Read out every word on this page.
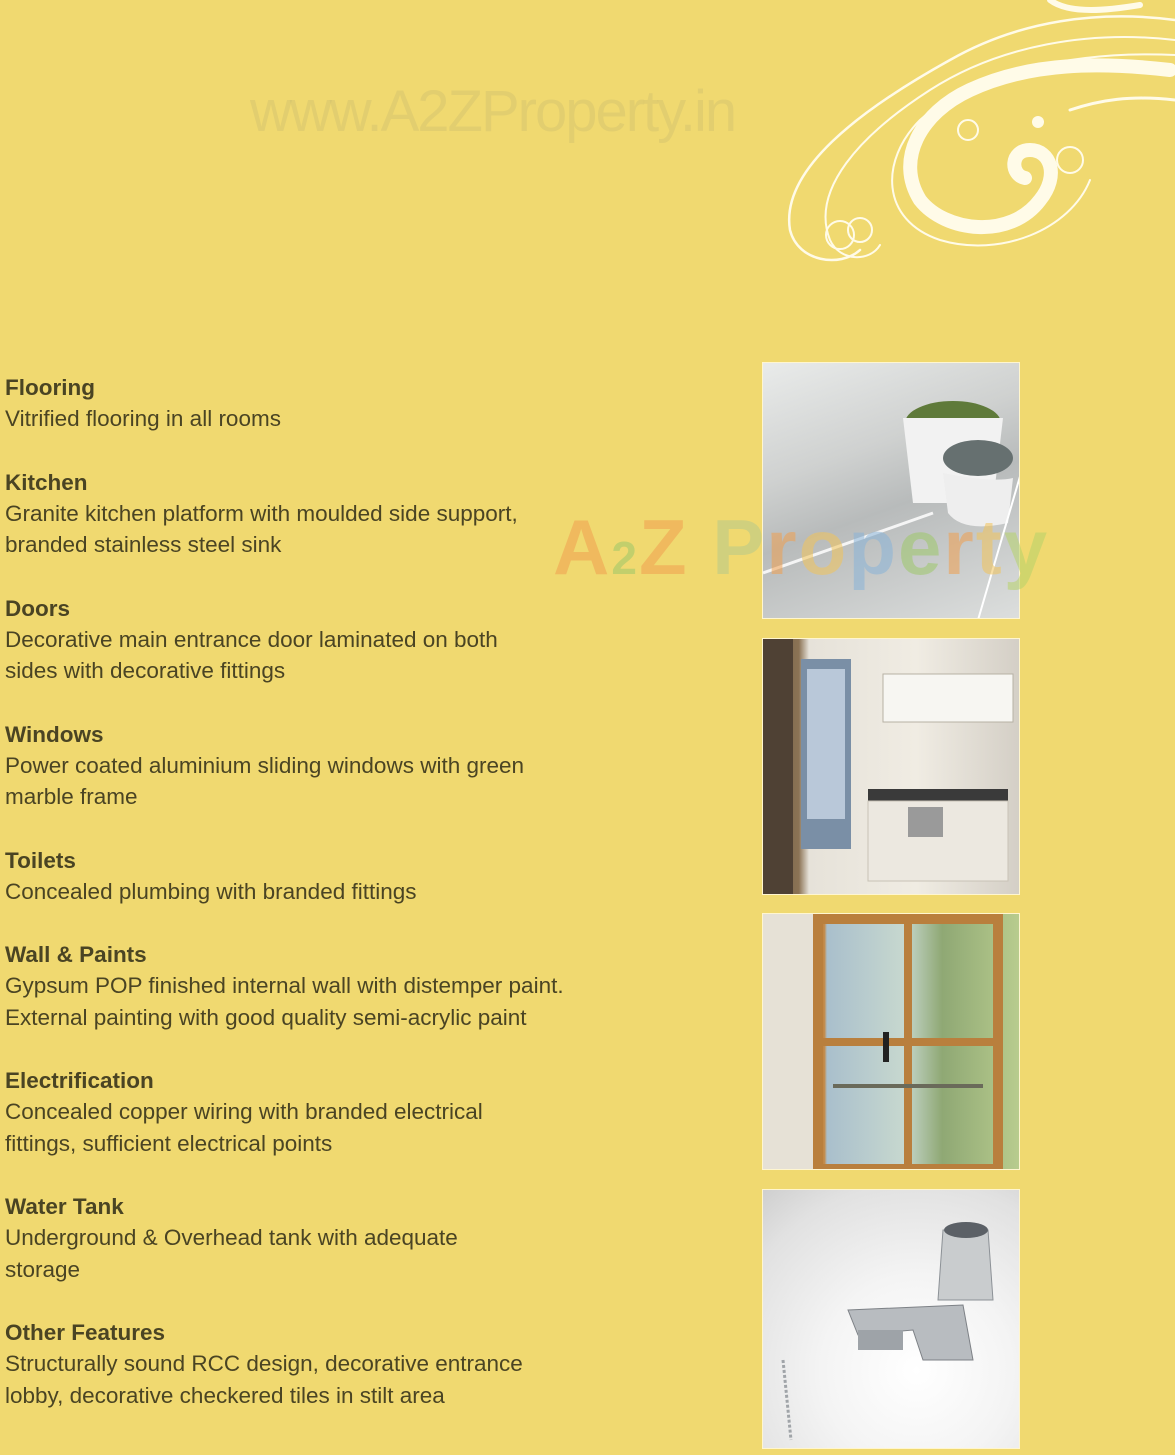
www.A2ZProperty.in
Flooring
Vitrified flooring in all rooms
Kitchen
Granite kitchen platform with moulded side support,
branded stainless steel sink
Doors
Decorative main entrance door laminated on both
sides with decorative fittings
Windows
Power coated aluminium sliding windows with green
marble frame
Toilets
Concealed plumbing with branded fittings
Wall & Paints
Gypsum POP finished internal wall with distemper paint.
External painting with good quality semi-acrylic paint
Electrification
Concealed copper wiring with branded electrical
fittings, sufficient electrical points
Water Tank
Underground & Overhead tank with adequate
storage
Other Features
Structurally sound RCC design, decorative entrance
lobby, decorative checkered tiles in stilt area
A2Z Property
